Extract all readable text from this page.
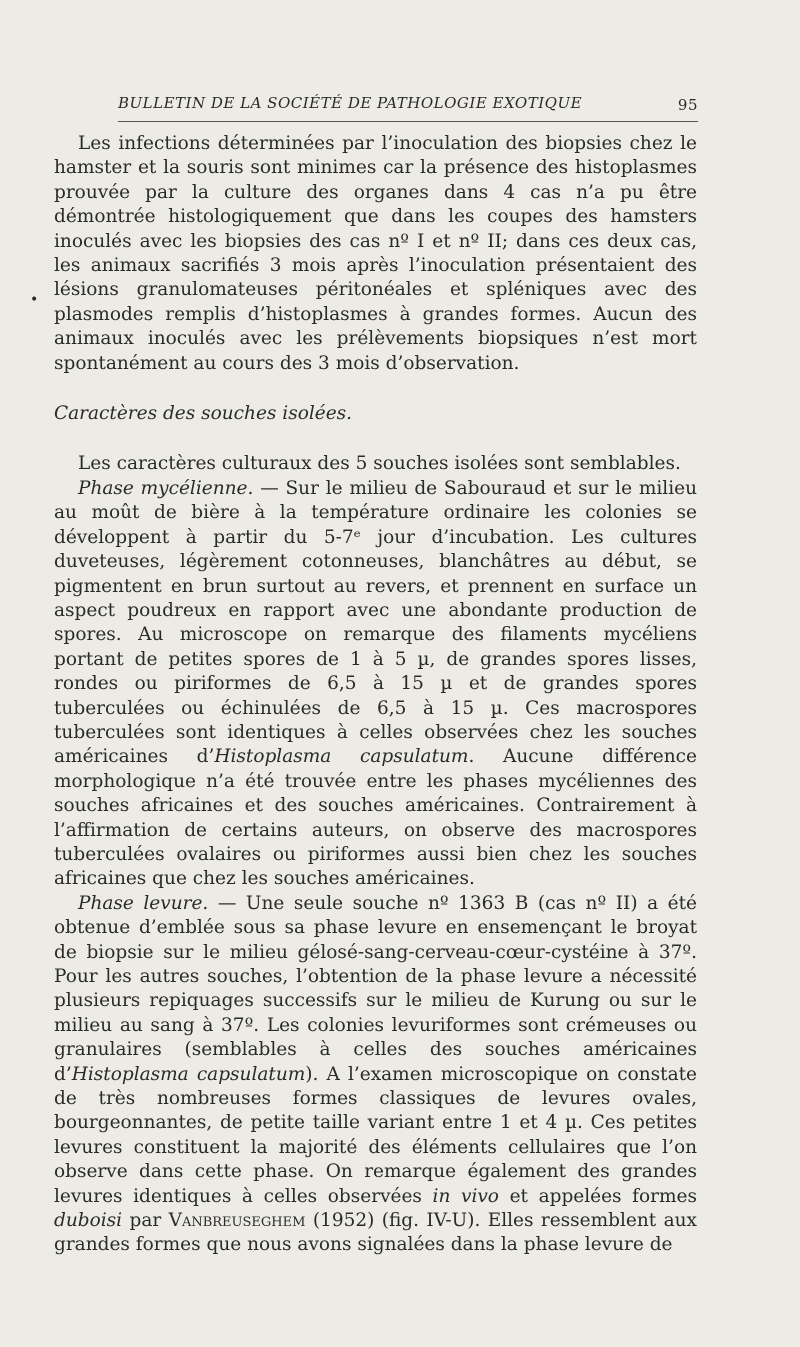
BULLETIN DE LA SOCIÉTÉ DE PATHOLOGIE EXOTIQUE	95
•

Les infections déterminées par l’inoculation des biopsies chez le hamster et la souris sont minimes car la présence des histoplasmes prouvée par la culture des organes dans 4 cas n’a pu être démontrée histologiquement que dans les coupes des hamsters inoculés avec les biopsies des cas nº I et nº II; dans ces deux cas, les animaux sacrifiés 3 mois après l’inoculation présentaient des lésions granulomateuses péritonéales et spléniques avec des plasmodes remplis d’histoplasmes à grandes formes. Aucun des animaux inoculés avec les prélèvements biopsiques n’est mort spontanément au cours des 3 mois d’observation.

Caractères des souches isolées.

Les caractères culturaux des 5 souches isolées sont semblables.

Phase mycélienne. — Sur le milieu de Sabouraud et sur le milieu au moût de bière à la température ordinaire les colonies se développent à partir du 5-7ᵉ jour d’incubation. Les cultures duveteuses, légèrement cotonneuses, blanchâtres au début, se pigmentent en brun surtout au revers, et prennent en surface un aspect poudreux en rapport avec une abondante production de spores. Au microscope on remarque des filaments mycéliens portant de petites spores de 1 à 5 µ, de grandes spores lisses, rondes ou piriformes de 6,5 à 15 µ et de grandes spores tuberculées ou échinulées de 6,5 à 15 µ. Ces macrospores tuberculées sont identiques à celles observées chez les souches américaines d’Histoplasma capsulatum. Aucune différence morphologique n’a été trouvée entre les phases mycéliennes des souches africaines et des souches américaines. Contrairement à l’affirmation de certains auteurs, on observe des macrospores tuberculées ovalaires ou piriformes aussi bien chez les souches africaines que chez les souches américaines.

Phase levure. — Une seule souche nº 1363 B (cas nº II) a été obtenue d’emblée sous sa phase levure en ensemençant le broyat de biopsie sur le milieu gélosé-sang-cerveau-cœur-cystéine à 37º. Pour les autres souches, l’obtention de la phase levure a nécessité plusieurs repiquages successifs sur le milieu de Kurung ou sur le milieu au sang à 37º. Les colonies levuriformes sont crémeuses ou granulaires (semblables à celles des souches américaines d’Histoplasma capsulatum). A l’examen microscopique on constate de très nombreuses formes classiques de levures ovales, bourgeonnantes, de petite taille variant entre 1 et 4 µ. Ces petites levures constituent la majorité des éléments cellulaires que l’on observe dans cette phase. On remarque également des grandes levures identiques à celles observées in vivo et appelées formes duboisi par Vanbreuseghem (1952) (fig. IV-U). Elles ressemblent aux grandes formes que nous avons signalées dans la phase levure de
